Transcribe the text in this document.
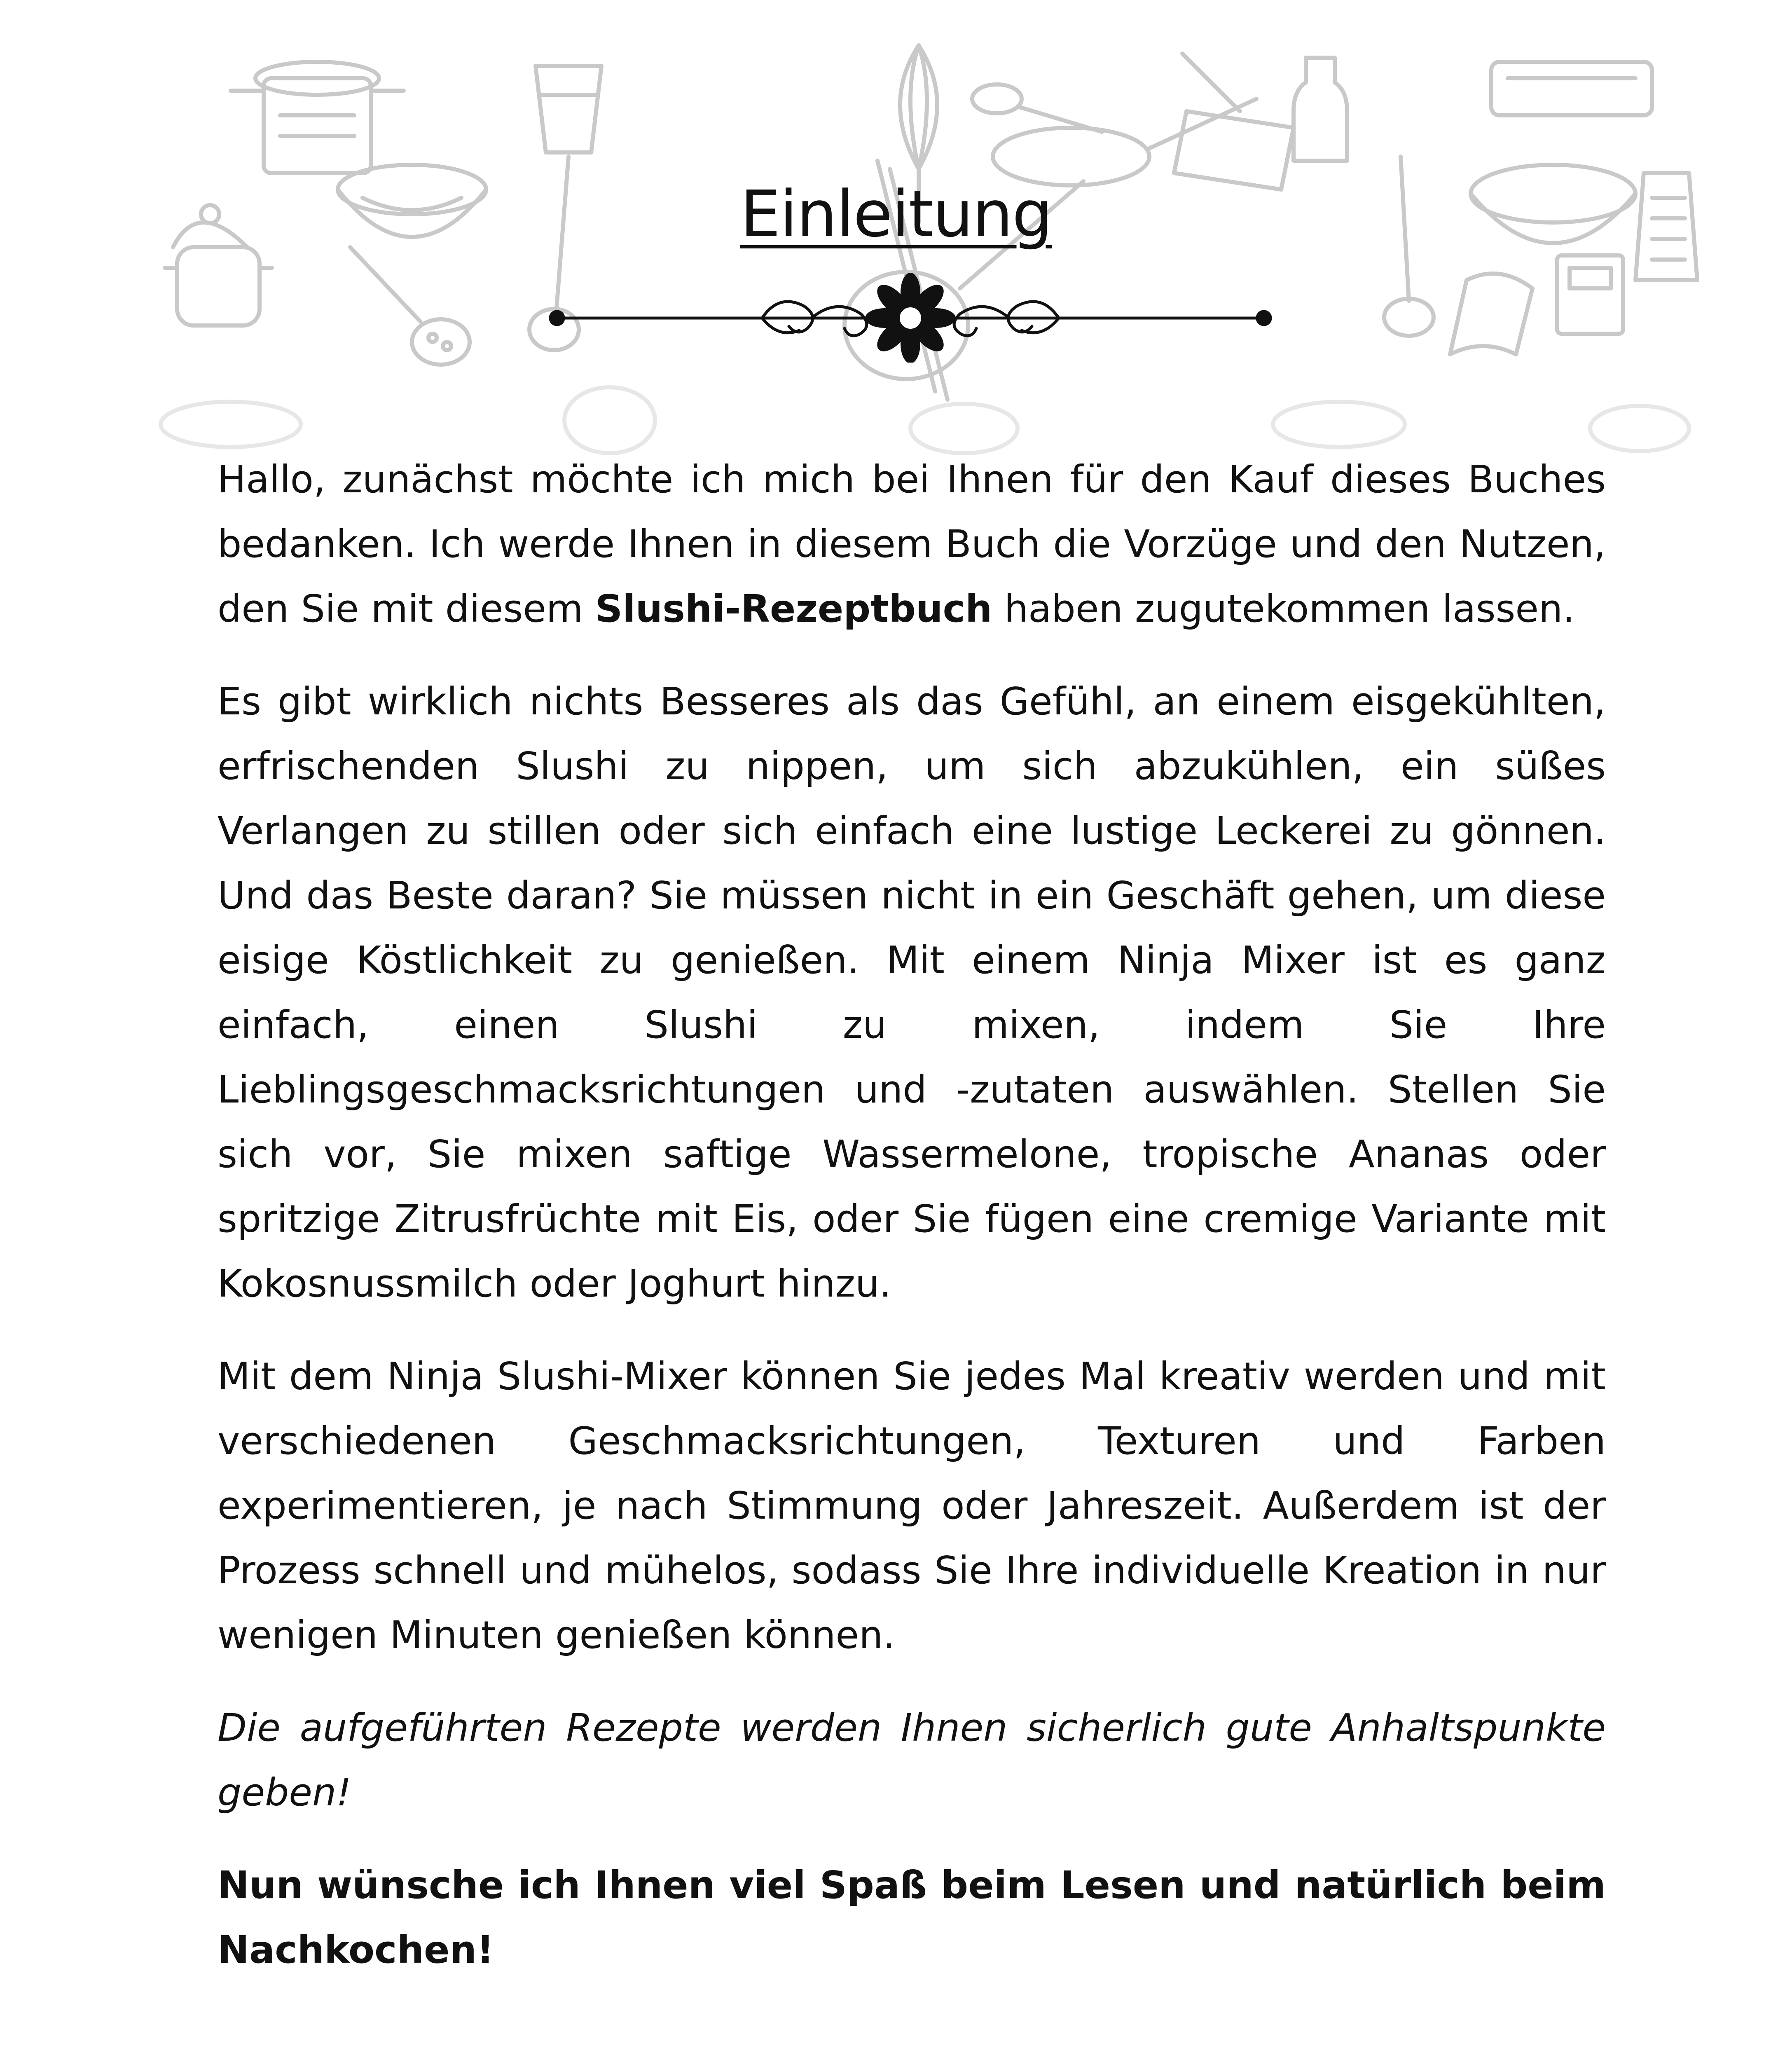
Einleitung

Hallo, zunächst möchte ich mich bei Ihnen für den Kauf dieses Buches bedanken. Ich werde Ihnen in diesem Buch die Vorzüge und den Nutzen, den Sie mit diesem Slushi-Rezeptbuch haben zugutekommen lassen.

Es gibt wirklich nichts Besseres als das Gefühl, an einem eisgekühlten, erfrischenden Slushi zu nippen, um sich abzukühlen, ein süßes Verlangen zu stillen oder sich einfach eine lustige Leckerei zu gönnen. Und das Beste daran? Sie müssen nicht in ein Geschäft gehen, um diese eisige Köstlichkeit zu genießen. Mit einem Ninja Mixer ist es ganz einfach, einen Slushi zu mixen, indem Sie Ihre Lieblingsgeschmacksrichtungen und -zutaten auswählen. Stellen Sie sich vor, Sie mixen saftige Wassermelone, tropische Ananas oder spritzige Zitrusfrüchte mit Eis, oder Sie fügen eine cremige Variante mit Kokosnussmilch oder Joghurt hinzu.

Mit dem Ninja Slushi-Mixer können Sie jedes Mal kreativ werden und mit verschiedenen Geschmacksrichtungen, Texturen und Farben experimentieren, je nach Stimmung oder Jahreszeit. Außerdem ist der Prozess schnell und mühelos, sodass Sie Ihre individuelle Kreation in nur wenigen Minuten genießen können.

Die aufgeführten Rezepte werden Ihnen sicherlich gute Anhaltspunkte geben!

Nun wünsche ich Ihnen viel Spaß beim Lesen und natürlich beim Nachkochen!
